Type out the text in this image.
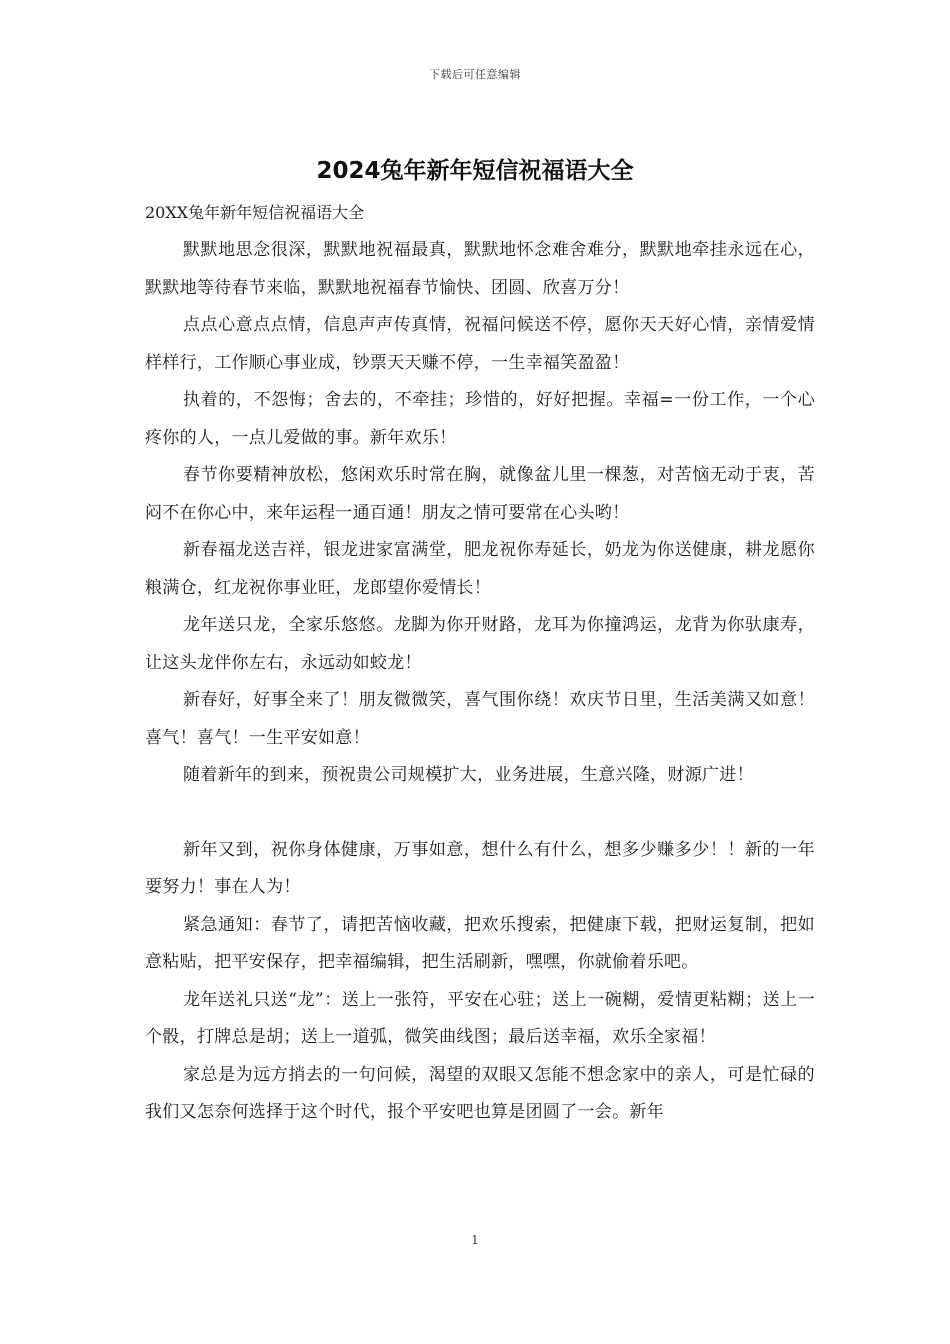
下载后可任意编辑
2024兔年新年短信祝福语大全
20XX兔年新年短信祝福语大全

默默地思念很深，默默地祝福最真，默默地怀念难舍难分，默默地牵挂永远在心，默默地等待春节来临，默默地祝福春节愉快、团圆、欣喜万分！

点点心意点点情，信息声声传真情，祝福问候送不停，愿你天天好心情，亲情爱情样样行，工作顺心事业成，钞票天天赚不停，一生幸福笑盈盈！

执着的，不怨悔；舍去的，不牵挂；珍惜的，好好把握。幸福=一份工作，一个心疼你的人，一点儿爱做的事。新年欢乐！

春节你要精神放松，悠闲欢乐时常在胸，就像盆儿里一棵葱，对苦恼无动于衷，苦闷不在你心中，来年运程一通百通！朋友之情可要常在心头哟！

新春福龙送吉祥，银龙进家富满堂，肥龙祝你寿延长，奶龙为你送健康，耕龙愿你粮满仓，红龙祝你事业旺，龙郎望你爱情长！

龙年送只龙，全家乐悠悠。龙脚为你开财路，龙耳为你撞鸿运，龙背为你驮康寿，让这头龙伴你左右，永远动如蛟龙！

新春好，好事全来了！朋友微微笑，喜气围你绕！欢庆节日里，生活美满又如意！喜气！喜气！一生平安如意！

随着新年的到来，预祝贵公司规模扩大，业务进展，生意兴隆，财源广进！

新年又到，祝你身体健康，万事如意，想什么有什么，想多少赚多少！！新的一年要努力！事在人为！

紧急通知：春节了，请把苦恼收藏，把欢乐搜索，把健康下载，把财运复制，把如意粘贴，把平安保存，把幸福编辑，把生活刷新，嘿嘿，你就偷着乐吧。

龙年送礼只送“龙”：送上一张符，平安在心驻；送上一碗糊，爱情更粘糊；送上一个骰，打牌总是胡；送上一道弧，微笑曲线图；最后送幸福，欢乐全家福！

家总是为远方捎去的一句问候，渴望的双眼又怎能不想念家中的亲人，可是忙碌的我们又怎奈何选择于这个时代，报个平安吧也算是团圆了一会。新年

1
